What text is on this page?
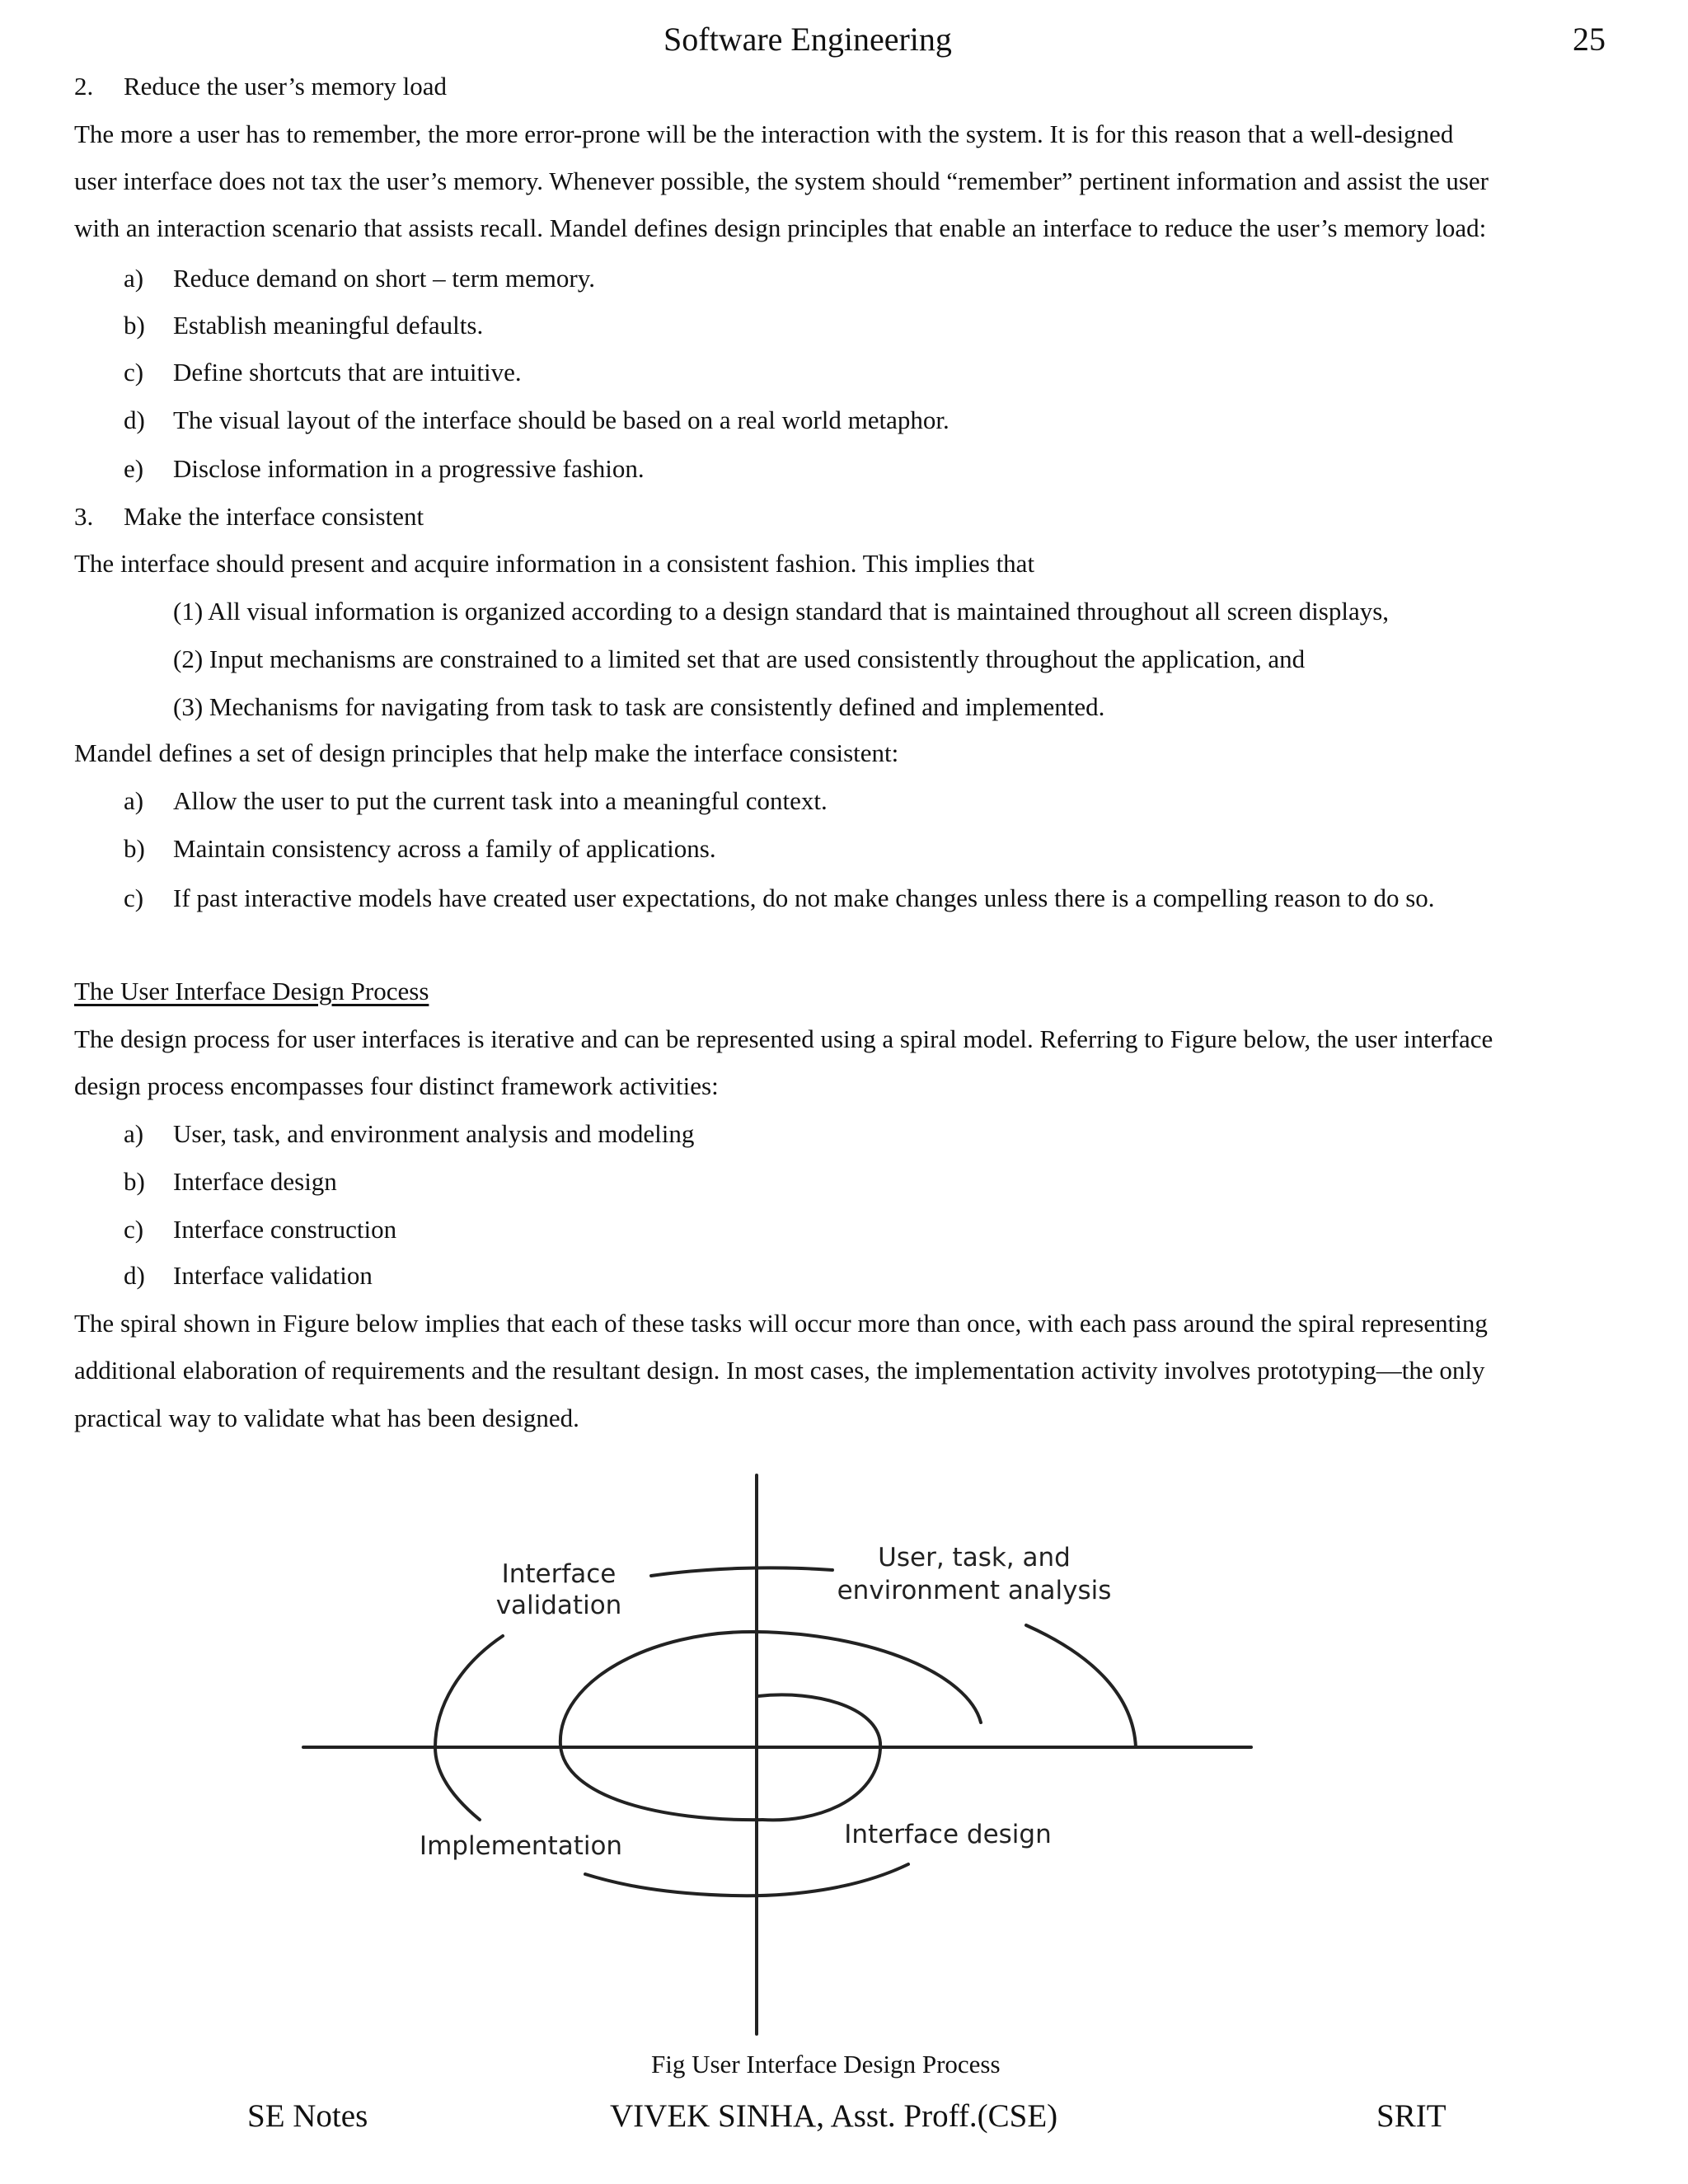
Software Engineering	25
2. Reduce the user’s memory load
The more a user has to remember, the more error-prone will be the interaction with the system. It is for this reason that a well-designed
user interface does not tax the user’s memory. Whenever possible, the system should “remember” pertinent information and assist the user
with an interaction scenario that assists recall. Mandel defines design principles that enable an interface to reduce the user’s memory load:
a) Reduce demand on short – term memory.
b) Establish meaningful defaults.
c) Define shortcuts that are intuitive.
d) The visual layout of the interface should be based on a real world metaphor.
e) Disclose information in a progressive fashion.
3. Make the interface consistent
The interface should present and acquire information in a consistent fashion. This implies that
(1) All visual information is organized according to a design standard that is maintained throughout all screen displays,
(2) Input mechanisms are constrained to a limited set that are used consistently throughout the application, and
(3) Mechanisms for navigating from task to task are consistently defined and implemented.
Mandel defines a set of design principles that help make the interface consistent:
a) Allow the user to put the current task into a meaningful context.
b) Maintain consistency across a family of applications.
c) If past interactive models have created user expectations, do not make changes unless there is a compelling reason to do so.
The User Interface Design Process
The design process for user interfaces is iterative and can be represented using a spiral model. Referring to Figure below, the user interface
design process encompasses four distinct framework activities:
a) User, task, and environment analysis and modeling
b) Interface design
c) Interface construction
d) Interface validation
The spiral shown in Figure below implies that each of these tasks will occur more than once, with each pass around the spiral representing
additional elaboration of requirements and the resultant design. In most cases, the implementation activity involves prototyping—the only
practical way to validate what has been designed.
Interface
validation
User, task, and
environment analysis
Implementation	Interface design
Fig User Interface Design Process
SE Notes	VIVEK SINHA, Asst. Proff.(CSE)	SRIT
